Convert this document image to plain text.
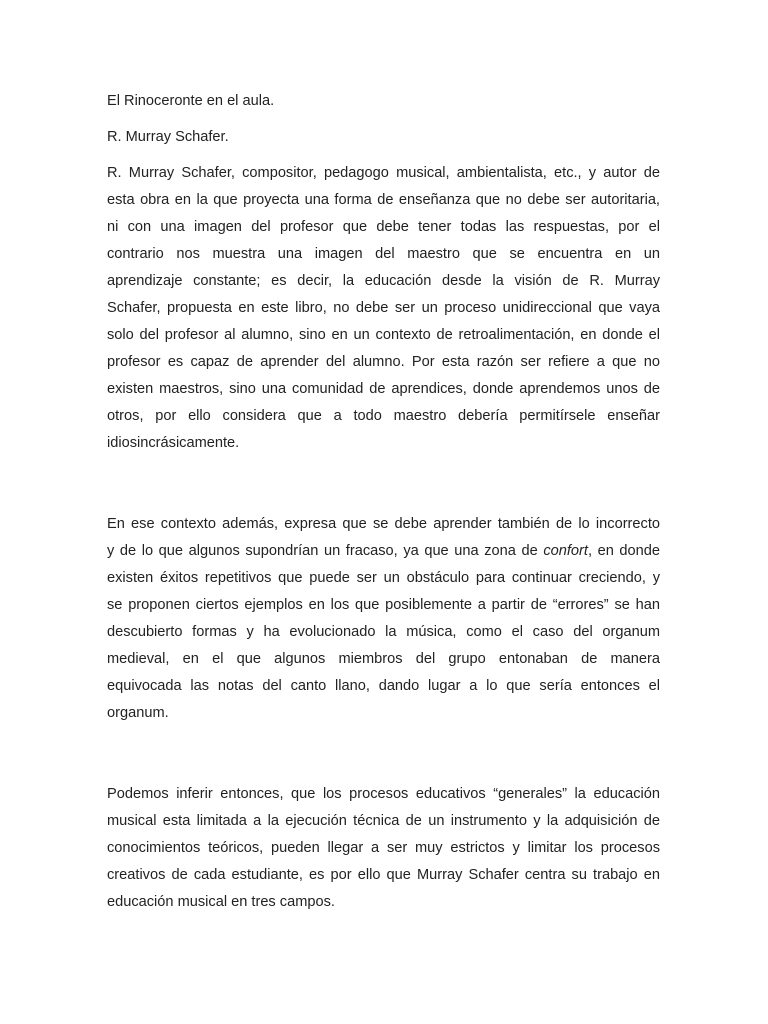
El Rinoceronte en el aula.

R. Murray Schafer.

R. Murray Schafer, compositor, pedagogo musical, ambientalista, etc., y autor de
esta obra en la que proyecta una forma de enseñanza que no debe ser autoritaria,
ni con una imagen del profesor que debe tener todas las respuestas, por el
contrario nos muestra una imagen del maestro que se encuentra en un
aprendizaje constante; es decir, la educación desde la visión de R. Murray
Schafer, propuesta en este libro, no debe ser un proceso unidireccional que vaya
solo del profesor al alumno, sino en un contexto de retroalimentación, en donde el
profesor es capaz de aprender del alumno. Por esta razón ser refiere a que no
existen maestros, sino una comunidad de aprendices, donde aprendemos unos de
otros, por ello considera que a todo maestro debería permitírsele enseñar
idiosincrásicamente.
En ese contexto además, expresa que se debe aprender también de lo incorrecto
y de lo que algunos supondrían un fracaso, ya que una zona de confort, en donde
existen éxitos repetitivos que puede ser un obstáculo para continuar creciendo, y
se proponen ciertos ejemplos en los que posiblemente a partir de “errores” se han
descubierto formas y ha evolucionado la música, como el caso del organum
medieval, en el que algunos miembros del grupo entonaban de manera
equivocada las notas del canto llano, dando lugar a lo que sería entonces el
organum.
Podemos inferir entonces, que los procesos educativos “generales” la educación
musical esta limitada a la ejecución técnica de un instrumento y la adquisición de
conocimientos teóricos, pueden llegar a ser muy estrictos y limitar los procesos
creativos de cada estudiante, es por ello que Murray Schafer centra su trabajo en
educación musical en tres campos.
